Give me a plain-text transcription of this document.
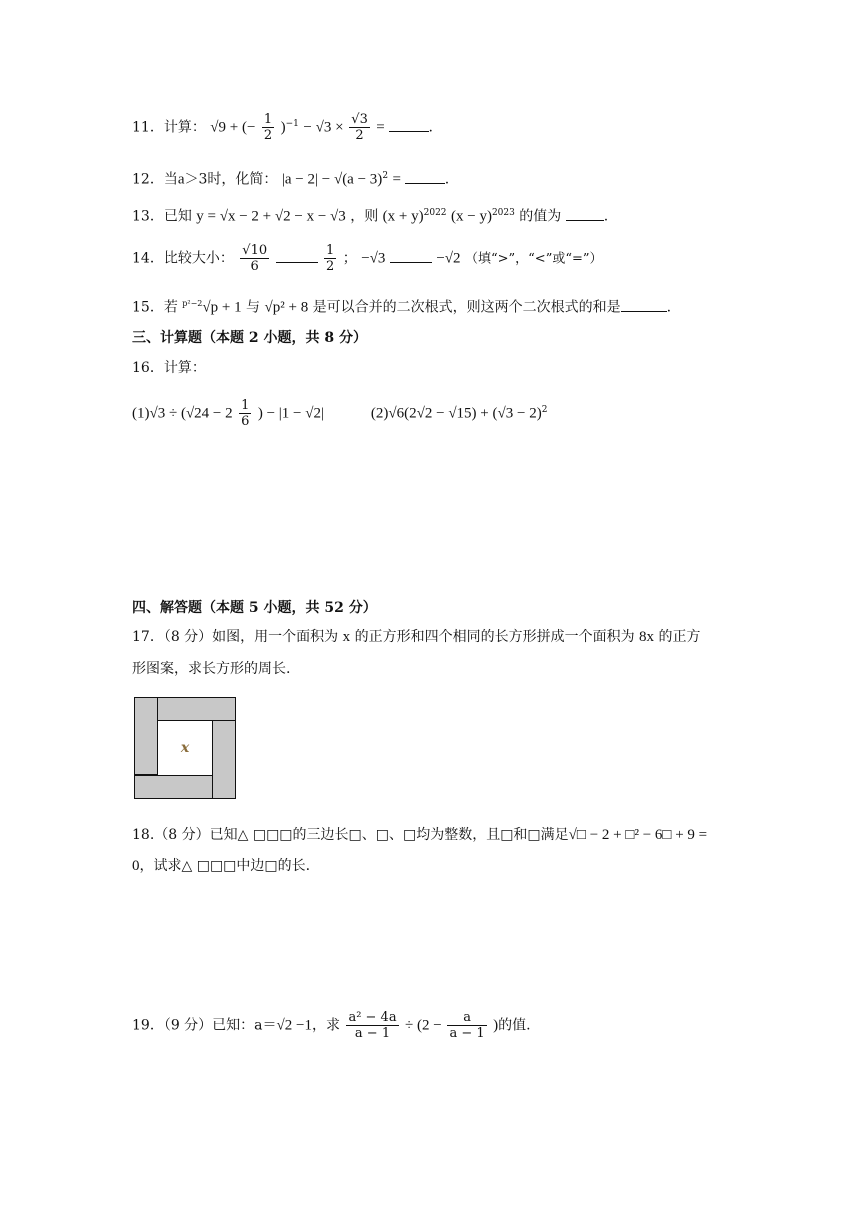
11．计算： √9 + (− $\frac{1}{2} )^{-1} - √3 \times \frac{√3}{2}$ =	.
12．当a＞3时，化简： $|a - 2| - √(a - 3)^2$ =	.
13．已知 y = √x − 2 + √2 − x − √3 ，则 $(x + y)^{2022}$ $(x - y)^{2023}$ 的值为	.
14．比较大小： $\frac{√10}{6}$
	$\frac{1}{2}$ ； −√3	−√2 （填“>”，“<”或“=”）
15．若 $^{p^2-2}$√p + 1 与 √p² + 8 是可以合并的二次根式，则这两个二次根式的和是	.
三、计算题（本题 2 小题，共 8 分）
16．计算：
$(1)√3 \div (√24 - 2 \frac{1}{6}$ ) − |1 − √2|	$(2)√6(2√2 - √15) + (√3 - 2)^2$
四、解答题（本题 5 小题，共 52 分）
17．（8 分）如图，用一个面积为 x 的正方形和四个相同的长方形拼成一个面积为 8x 的正方
形图案，求长方形的周长.
x
18.（8 分）已知△ □□□的三边长□、□、□均为整数，且□和□满足√□ − 2 + □² − 6□ + 9 =
0，试求△ □□□中边□的长.
19．（9 分）已知：a＝√2 −1，求 $\frac{\text{a² − 4a}}{a - 1} \div (2 - \frac{a}{a - 1}$ )的值.
